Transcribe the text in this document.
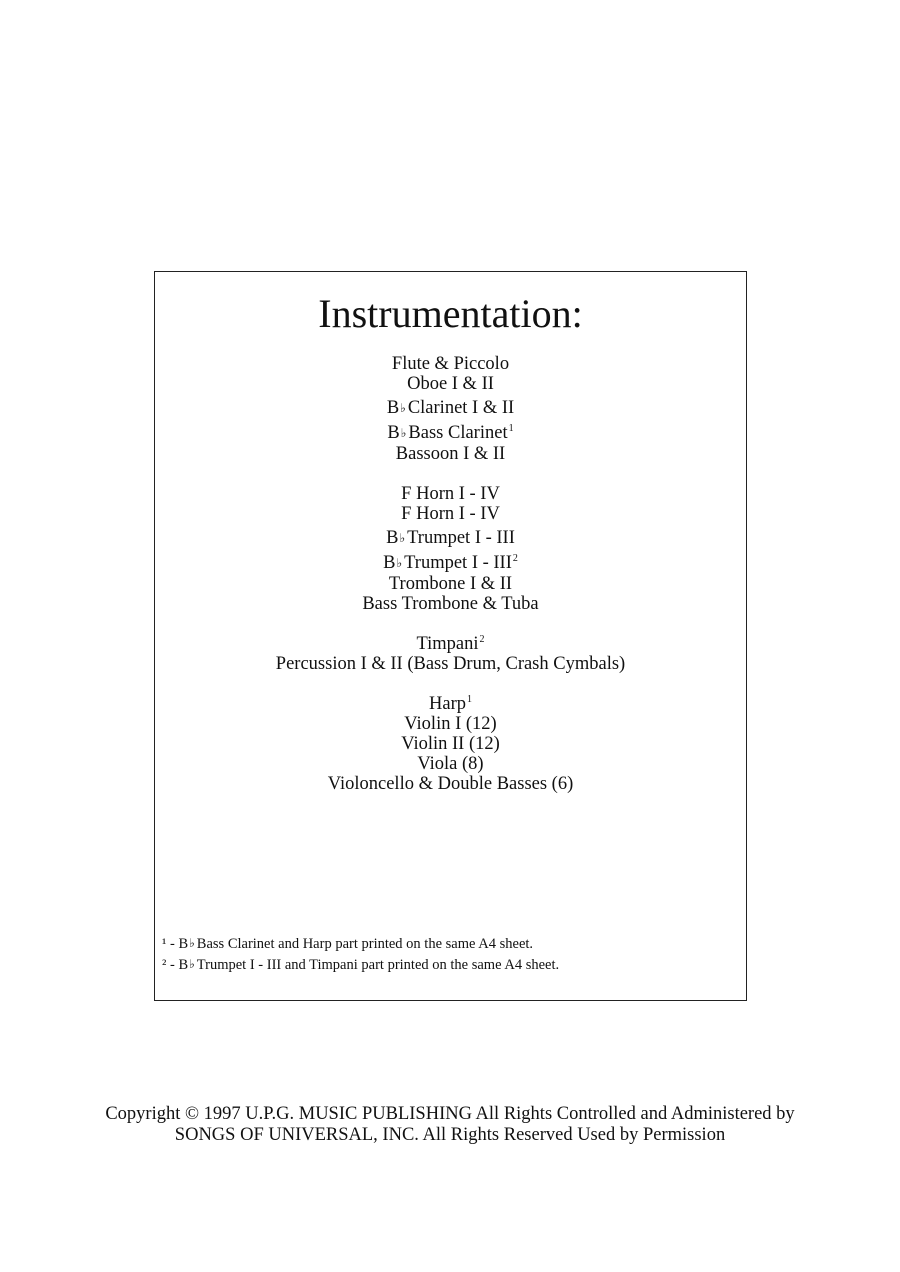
Instrumentation:
Flute & Piccolo
Oboe I & II
B♭ Clarinet I & II
B♭ Bass Clarinet$^1$
Bassoon I & II
F Horn I - IV
F Horn I - IV
B♭ Trumpet I - III
B♭ Trumpet I - III$^2$
Trombone I & II
Bass Trombone & Tuba
Timpani$^2$
Percussion I & II (Bass Drum, Crash Cymbals)
Harp$^1$
Violin I (12)
Violin II (12)
Viola (8)
Violoncello & Double Basses (6)
¹ - B♭ Bass Clarinet and Harp part printed on the same A4 sheet.
² - B♭ Trumpet I - III and Timpani part printed on the same A4 sheet.
Copyright © 1997 U.P.G. MUSIC PUBLISHING All Rights Controlled and Administered by
SONGS OF UNIVERSAL, INC. All Rights Reserved Used by Permission
